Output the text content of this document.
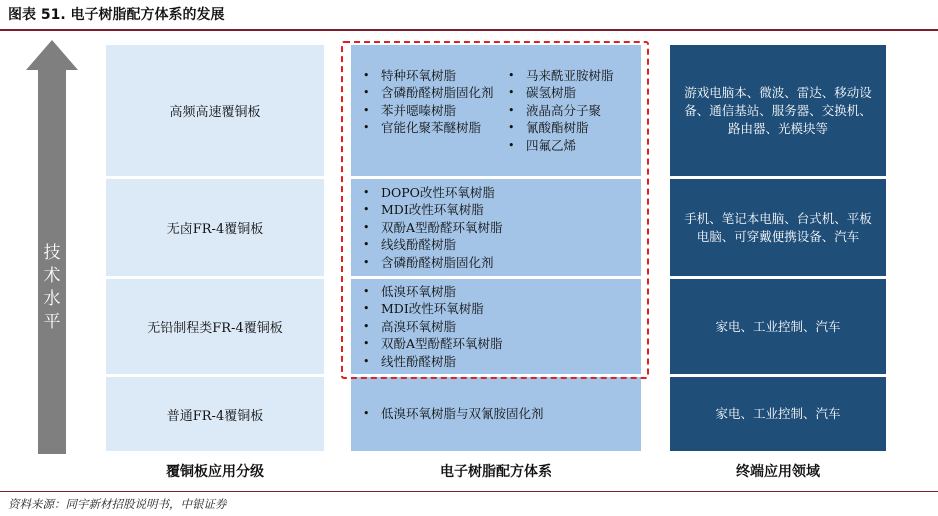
图表 51. 电子树脂配方体系的发展
技
术
水
平
高频高速覆铜板
无卤FR-4覆铜板
无铅制程类FR-4覆铜板
普通FR-4覆铜板
• 特种环氧树脂
• 含磷酚醛树脂固化剂
• 苯并噁嗪树脂
• 官能化聚苯醚树脂
• 马来酰亚胺树脂
• 碳氢树脂
• 液晶高分子聚
• 氰酸酯树脂
• 四氟乙烯
• DOPO改性环氧树脂
• MDI改性环氧树脂
• 双酚A型酚醛环氧树脂
• 线线酚醛树脂
• 含磷酚醛树脂固化剂
• 低溴环氧树脂
• MDI改性环氧树脂
• 高溴环氧树脂
• 双酚A型酚醛环氧树脂
• 线性酚醛树脂
• 低溴环氧树脂与双氰胺固化剂
游戏电脑本、微波、雷达、移动设备、通信基站、服务器、交换机、路由器、光模块等
手机、笔记本电脑、台式机、平板电脑、可穿戴便携设备、汽车
家电、工业控制、汽车
家电、工业控制、汽车
覆铜板应用分级	电子树脂配方体系	终端应用领域
资料来源：同宇新材招股说明书，中银证券
